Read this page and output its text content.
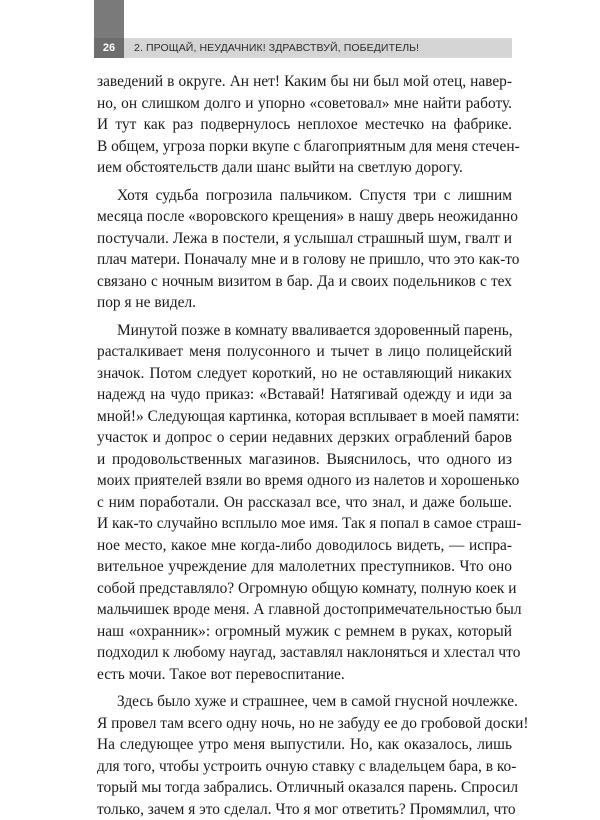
26	2. ПРОЩАЙ, НЕУДАЧНИК! ЗДРАВСТВУЙ, ПОБЕДИТЕЛЬ!

заведений в округе. Ан нет! Каким бы ни был мой отец, навер-
но, он слишком долго и упорно «советовал» мне найти работу.
И тут как раз подвернулось неплохое местечко на фабрике.
В общем, угроза порки вкупе с благоприятным для меня стечен-
ием обстоятельств дали шанс выйти на светлую дорогу.

Хотя судьба погрозила пальчиком. Спустя три с лишним
месяца после «воровского крещения» в нашу дверь неожиданно
постучали. Лежа в постели, я услышал страшный шум, гвалт и
плач матери. Поначалу мне и в голову не пришло, что это как-то
связано с ночным визитом в бар. Да и своих подельников с тех
пор я не видел.

Минутой позже в комнату вваливается здоровенный парень,
расталкивает меня полусонного и тычет в лицо полицейский
значок. Потом следует короткий, но не оставляющий никаких
надежд на чудо приказ: «Вставай! Натягивай одежду и иди за
мной!» Следующая картинка, которая всплывает в моей памяти:
участок и допрос о серии недавних дерзких ограблений баров
и продовольственных магазинов. Выяснилось, что одного из
моих приятелей взяли во время одного из налетов и хорошенько
с ним поработали. Он рассказал все, что знал, и даже больше.
И как-то случайно всплыло мое имя. Так я попал в самое страш-
ное место, какое мне когда-либо доводилось видеть, — испра-
вительное учреждение для малолетних преступников. Что оно
собой представляло? Огромную общую комнату, полную коек и
мальчишек вроде меня. А главной достопримечательностью был
наш «охранник»: огромный мужик с ремнем в руках, который
подходил к любому наугад, заставлял наклоняться и хлестал что
есть мочи. Такое вот перевоспитание.

Здесь было хуже и страшнее, чем в самой гнусной ночлежке.
Я провел там всего одну ночь, но не забуду ее до гробовой доски!
На следующее утро меня выпустили. Но, как оказалось, лишь
для того, чтобы устроить очную ставку с владельцем бара, в ко-
торый мы тогда забрались. Отличный оказался парень. Спросил
только, зачем я это сделал. Что я мог ответить? Промямлил, что
